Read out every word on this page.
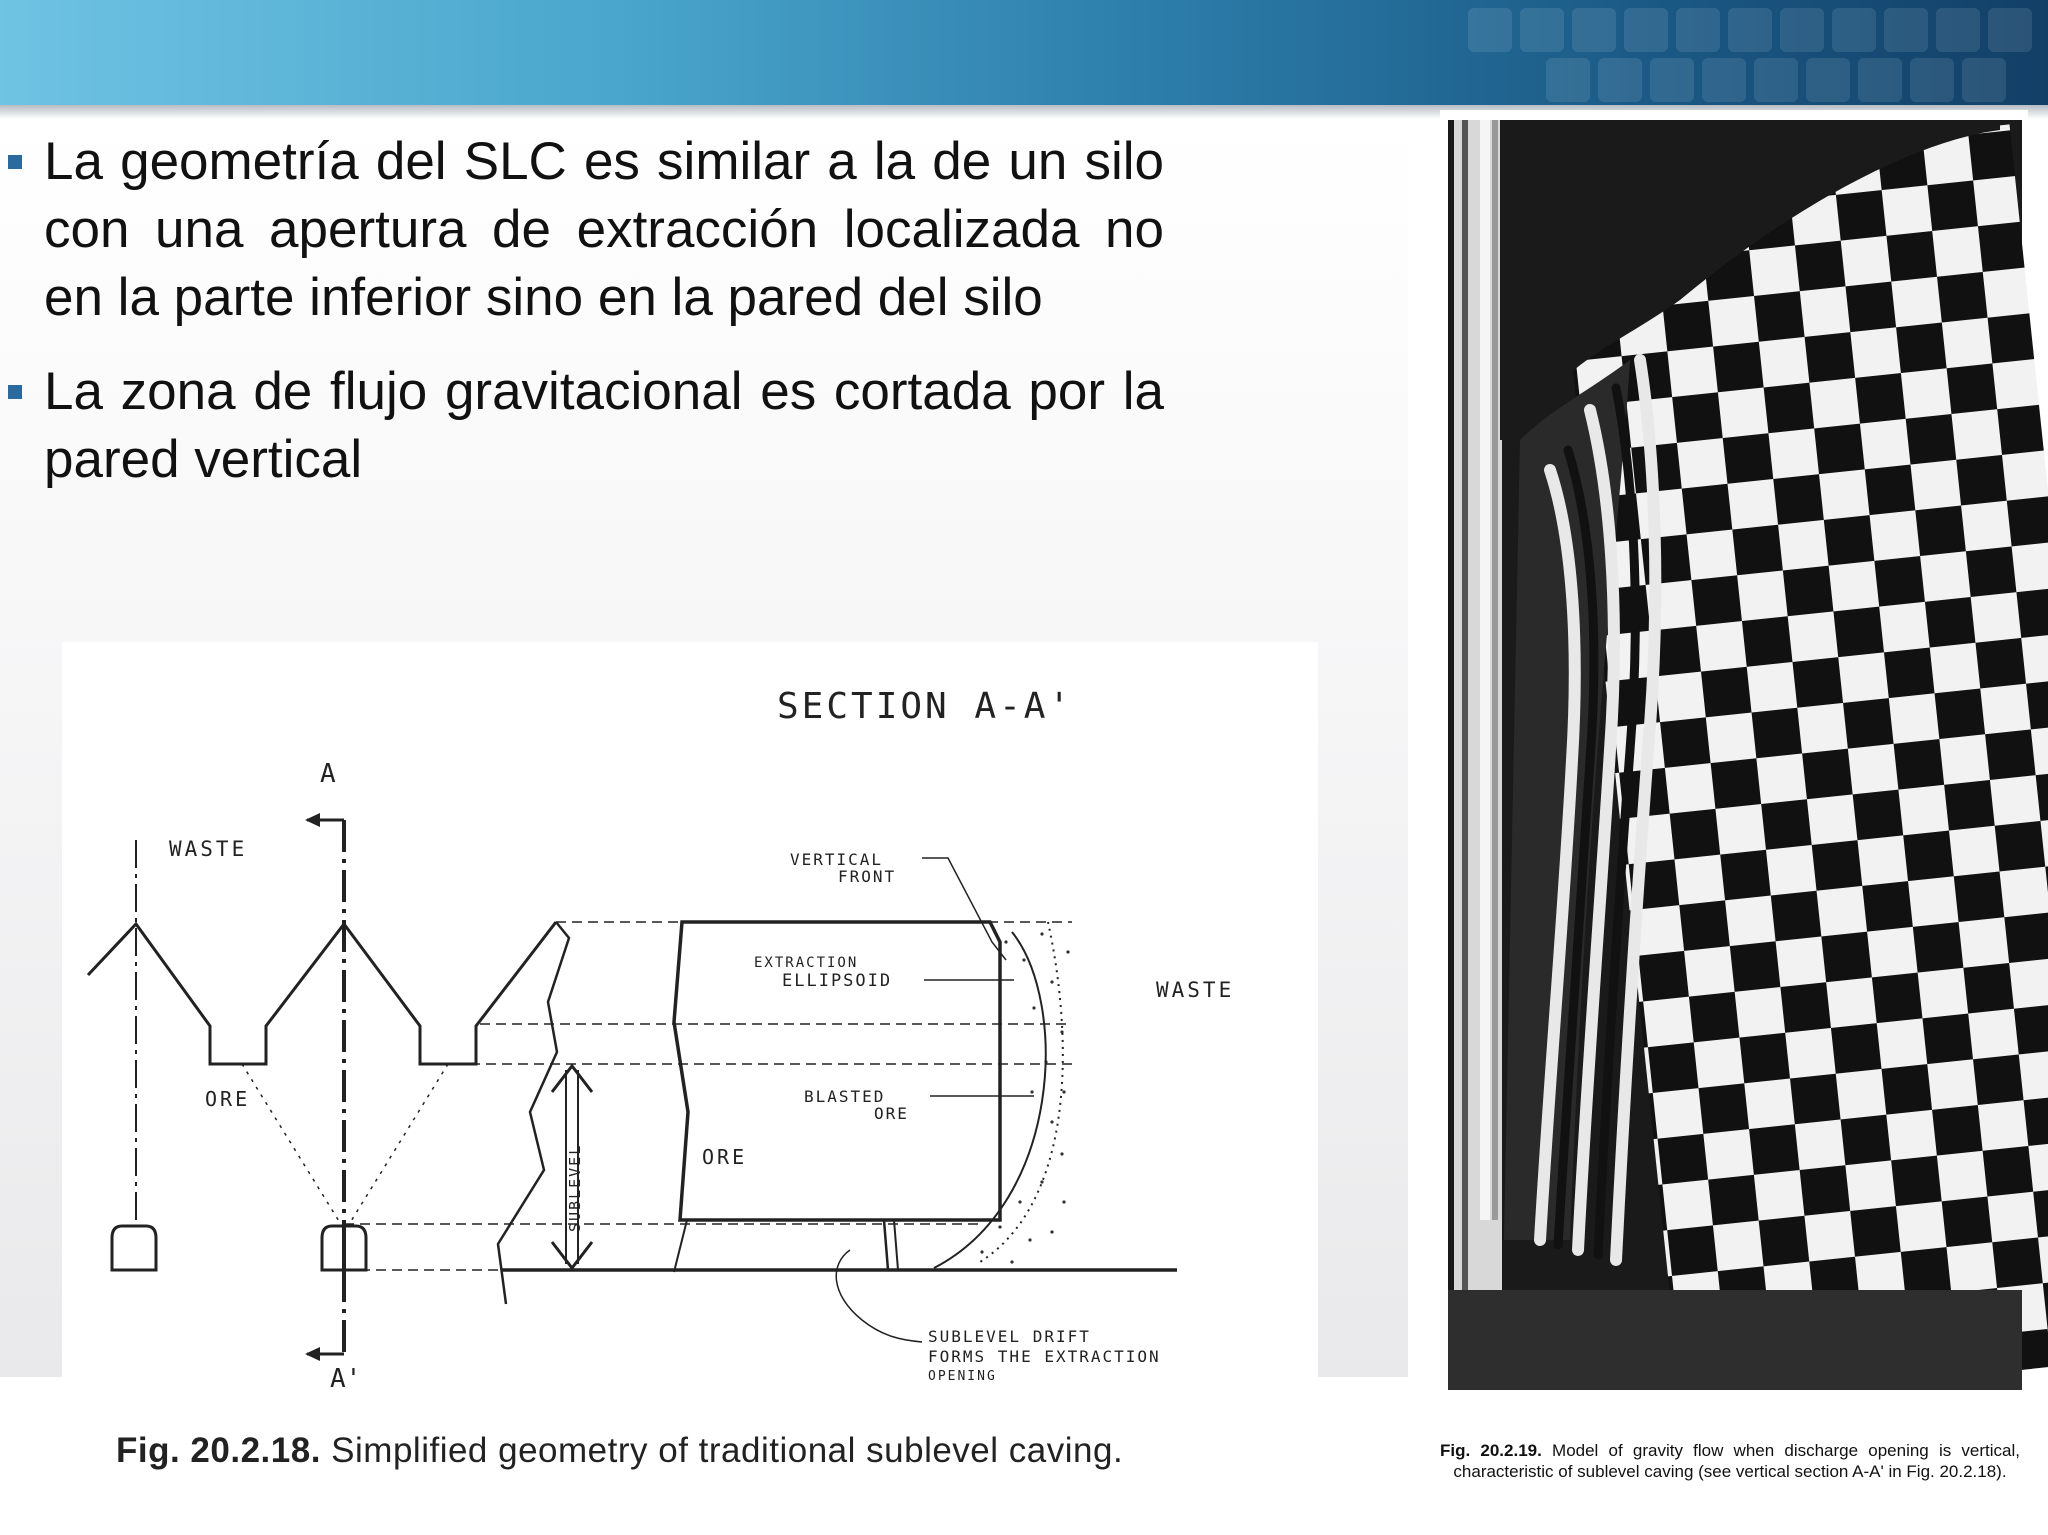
La geometría del SLC es similar a la de un silo con una apertura de extracción localizada no en la parte inferior sino en la pared del silo
La zona de flujo gravitacional es cortada por la pared vertical
SECTION A-A'
A
A'
WASTE
ORE
WASTE
ORE
SUBLEVEL
VERTICAL
FRONT
EXTRACTION
ELLIPSOID
BLASTED
ORE
SUBLEVEL DRIFT
FORMS THE EXTRACTION
OPENING
Fig. 20.2.18. Simplified geometry of traditional sublevel caving.	Fig. 20.2.19. Model of gravity flow when discharge opening is vertical, characteristic of sublevel caving (see vertical section A-A' in Fig. 20.2.18).
